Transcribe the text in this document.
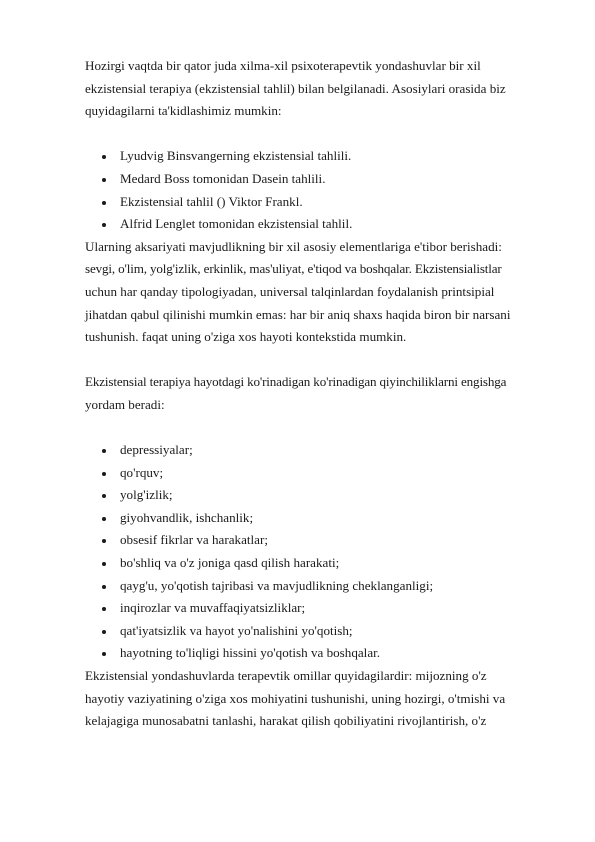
Hozirgi vaqtda bir qator juda xilma-xil psixoterapevtik yondashuvlar bir xil

ekzistensial terapiya (ekzistensial tahlil) bilan belgilanadi. Asosiylari orasida biz

quyidagilarni ta'kidlashimiz mumkin:

Lyudvig Binsvangerning ekzistensial tahlili.
Medard Boss tomonidan Dasein tahlili.
Ekzistensial tahlil () Viktor Frankl.
Alfrid Lenglet tomonidan ekzistensial tahlil.

Ularning aksariyati mavjudlikning bir xil asosiy elementlariga e'tibor berishadi:

sevgi, o'lim, yolg'izlik, erkinlik, mas'uliyat, e'tiqod va boshqalar. Ekzistensialistlar

uchun har qanday tipologiyadan, universal talqinlardan foydalanish printsipial

jihatdan qabul qilinishi mumkin emas: har bir aniq shaxs haqida biron bir narsani

tushunish. faqat uning o'ziga xos hayoti kontekstida mumkin.

Ekzistensial terapiya hayotdagi ko'rinadigan ko'rinadigan qiyinchiliklarni engishga

yordam beradi:

depressiyalar;
qo'rquv;
yolg'izlik;
giyohvandlik, ishchanlik;
obsesif fikrlar va harakatlar;
bo'shliq va o'z joniga qasd qilish harakati;
qayg'u, yo'qotish tajribasi va mavjudlikning cheklanganligi;
inqirozlar va muvaffaqiyatsizliklar;
qat'iyatsizlik va hayot yo'nalishini yo'qotish;
hayotning to'liqligi hissini yo'qotish va boshqalar.

Ekzistensial yondashuvlarda terapevtik omillar quyidagilardir: mijozning o'z

hayotiy vaziyatining o'ziga xos mohiyatini tushunishi, uning hozirgi, o'tmishi va

kelajagiga munosabatni tanlashi, harakat qilish qobiliyatini rivojlantirish, o'z
